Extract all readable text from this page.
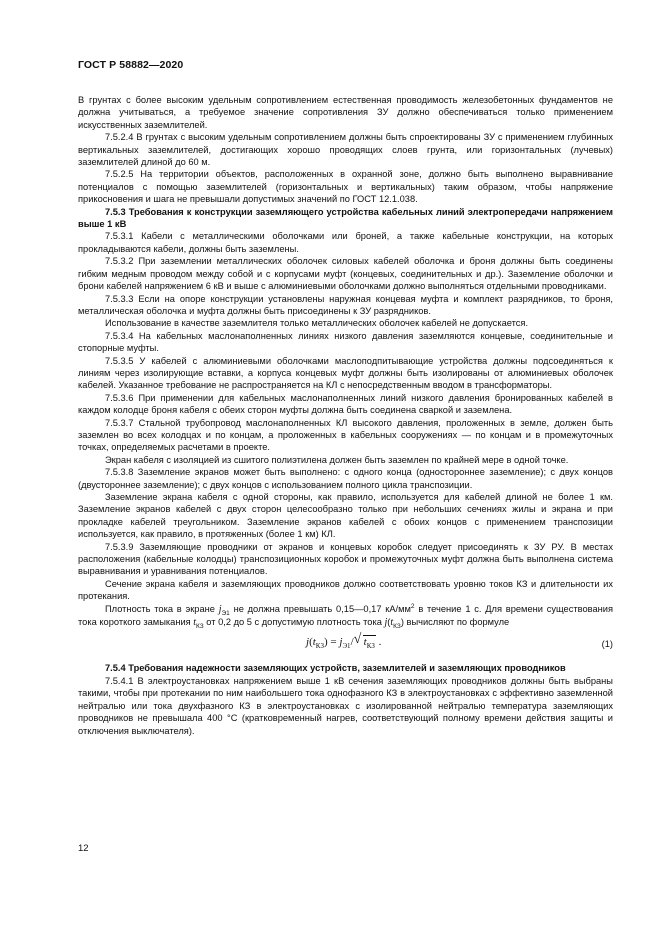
ГОСТ Р 58882—2020

В грунтах с более высоким удельным сопротивлением естественная проводимость железобетонных фундаментов не должна учитываться, а требуемое значение сопротивления ЗУ должно обеспечиваться только применением искусственных заземлителей.

7.5.2.4 В грунтах с высоким удельным сопротивлением должны быть спроектированы ЗУ с применением глубинных вертикальных заземлителей, достигающих хорошо проводящих слоев грунта, или горизонтальных (лучевых) заземлителей длиной до 60 м.

7.5.2.5 На территории объектов, расположенных в охранной зоне, должно быть выполнено выравнивание потенциалов с помощью заземлителей (горизонтальных и вертикальных) таким образом, чтобы напряжение прикосновения и шага не превышали допустимых значений по ГОСТ 12.1.038.

7.5.3 Требования к конструкции заземляющего устройства кабельных линий электропередачи напряжением выше 1 кВ

7.5.3.1 Кабели с металлическими оболочками или броней, а также кабельные конструкции, на которых прокладываются кабели, должны быть заземлены.

7.5.3.2 При заземлении металлических оболочек силовых кабелей оболочка и броня должны быть соединены гибким медным проводом между собой и с корпусами муфт (концевых, соединительных и др.). Заземление оболочки и брони кабелей напряжением 6 кВ и выше с алюминиевыми оболочками должно выполняться отдельными проводниками.

7.5.3.3 Если на опоре конструкции установлены наружная концевая муфта и комплект разрядников, то броня, металлическая оболочка и муфта должны быть присоединены к ЗУ разрядников.

Использование в качестве заземлителя только металлических оболочек кабелей не допускается.

7.5.3.4 На кабельных маслонаполненных линиях низкого давления заземляются концевые, соединительные и стопорные муфты.

7.5.3.5 У кабелей с алюминиевыми оболочками маслоподпитывающие устройства должны подсоединяться к линиям через изолирующие вставки, а корпуса концевых муфт должны быть изолированы от алюминиевых оболочек кабелей. Указанное требование не распространяется на КЛ с непосредственным вводом в трансформаторы.

7.5.3.6 При применении для кабельных маслонаполненных линий низкого давления бронированных кабелей в каждом колодце броня кабеля с обеих сторон муфты должна быть соединена сваркой и заземлена.

7.5.3.7 Стальной трубопровод маслонаполненных КЛ высокого давления, проложенных в земле, должен быть заземлен во всех колодцах и по концам, а проложенных в кабельных сооружениях — по концам и в промежуточных точках, определяемых расчетами в проекте.

Экран кабеля с изоляцией из сшитого полиэтилена должен быть заземлен по крайней мере в одной точке.

7.5.3.8 Заземление экранов может быть выполнено: с одного конца (одностороннее заземление); с двух концов (двустороннее заземление); с двух концов с использованием полного цикла транспозиции.

Заземление экрана кабеля с одной стороны, как правило, используется для кабелей длиной не более 1 км. Заземление экранов кабелей с двух сторон целесообразно только при небольших сечениях жилы и экрана и при прокладке кабелей треугольником. Заземление экранов кабелей с обоих концов с применением транспозиции используется, как правило, в протяженных (более 1 км) КЛ.

7.5.3.9 Заземляющие проводники от экранов и концевых коробок следует присоединять к ЗУ РУ. В местах расположения (кабельные колодцы) транспозиционных коробок и промежуточных муфт должна быть выполнена система выравнивания и уравнивания потенциалов.

Сечение экрана кабеля и заземляющих проводников должно соответствовать уровню токов КЗ и длительности их протекания.

Плотность тока в экране $j_{Э1}$ не должна превышать 0,15—0,17 $кА/мм^2$ в течение 1 с. Для времени существования тока короткого замыкания $t_{КЗ}$ от 0,2 до 5 с допустимую плотность тока $j(t_{КЗ})$ вычисляют по формуле

$j(t_{КЗ}) = j_{Э1}/$ √ $t_{КЗ}$ .	(1)

7.5.4 Требования надежности заземляющих устройств, заземлителей и заземляющих проводников

7.5.4.1 В электроустановках напряжением выше 1 кВ сечения заземляющих проводников должны быть выбраны такими, чтобы при протекании по ним наибольшего тока однофазного КЗ в электроустановках с эффективно заземленной нейтралью или тока двухфазного КЗ в электроустановках с изолированной нейтралью температура заземляющих проводников не превышала 400 °С (кратковременный нагрев, соответствующий полному времени действия защиты и отключения выключателя).

12
